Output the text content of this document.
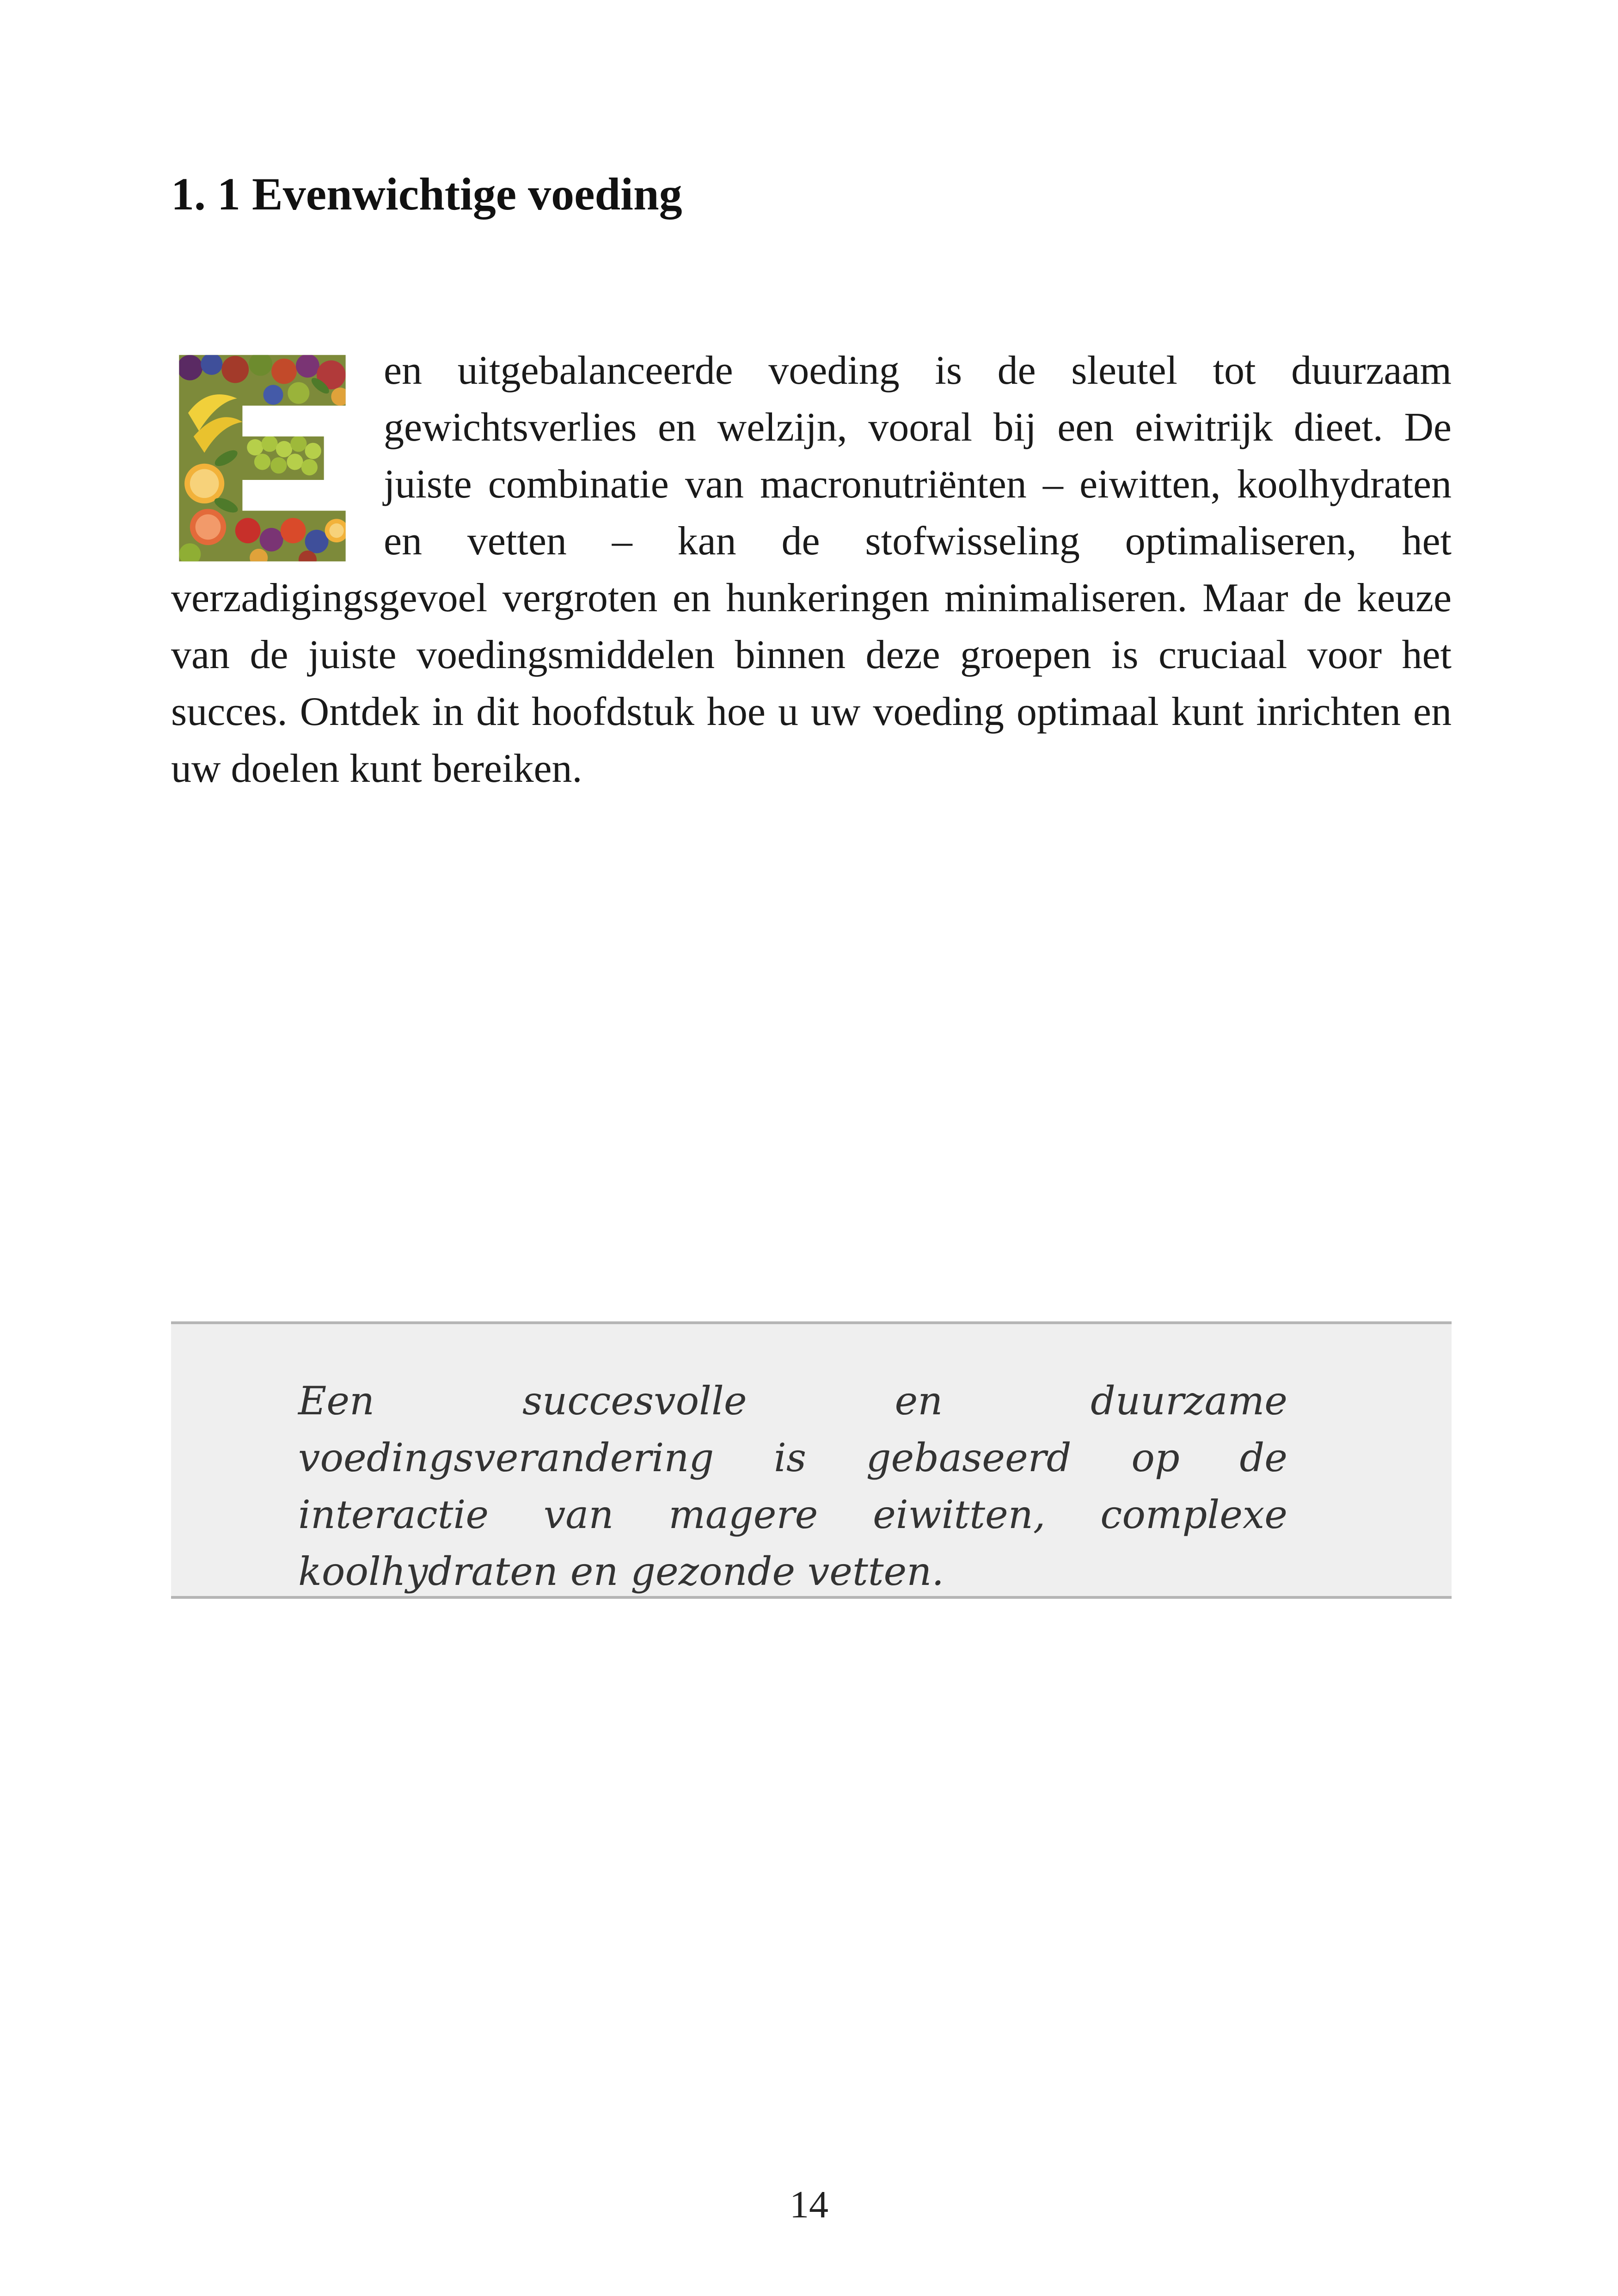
1. 1 Evenwichtige voeding
en uitgebalanceerde voeding is de sleutel tot duurzaam gewichtsverlies en welzijn, vooral bij een eiwitrijk dieet. De juiste combinatie van macronutriënten – eiwitten, koolhydraten en vetten – kan de stofwisseling optimaliseren, het verzadigingsgevoel vergroten en hunkeringen minimaliseren. Maar de keuze van de juiste voedingsmiddelen binnen deze groepen is cruciaal voor het succes. Ontdek in dit hoofdstuk hoe u uw voeding optimaal kunt inrichten en uw doelen kunt bereiken.

Een succesvolle en duurzame voedingsverandering is gebaseerd op de interactie van magere eiwitten, complexe koolhydraten en gezonde vetten.

14
